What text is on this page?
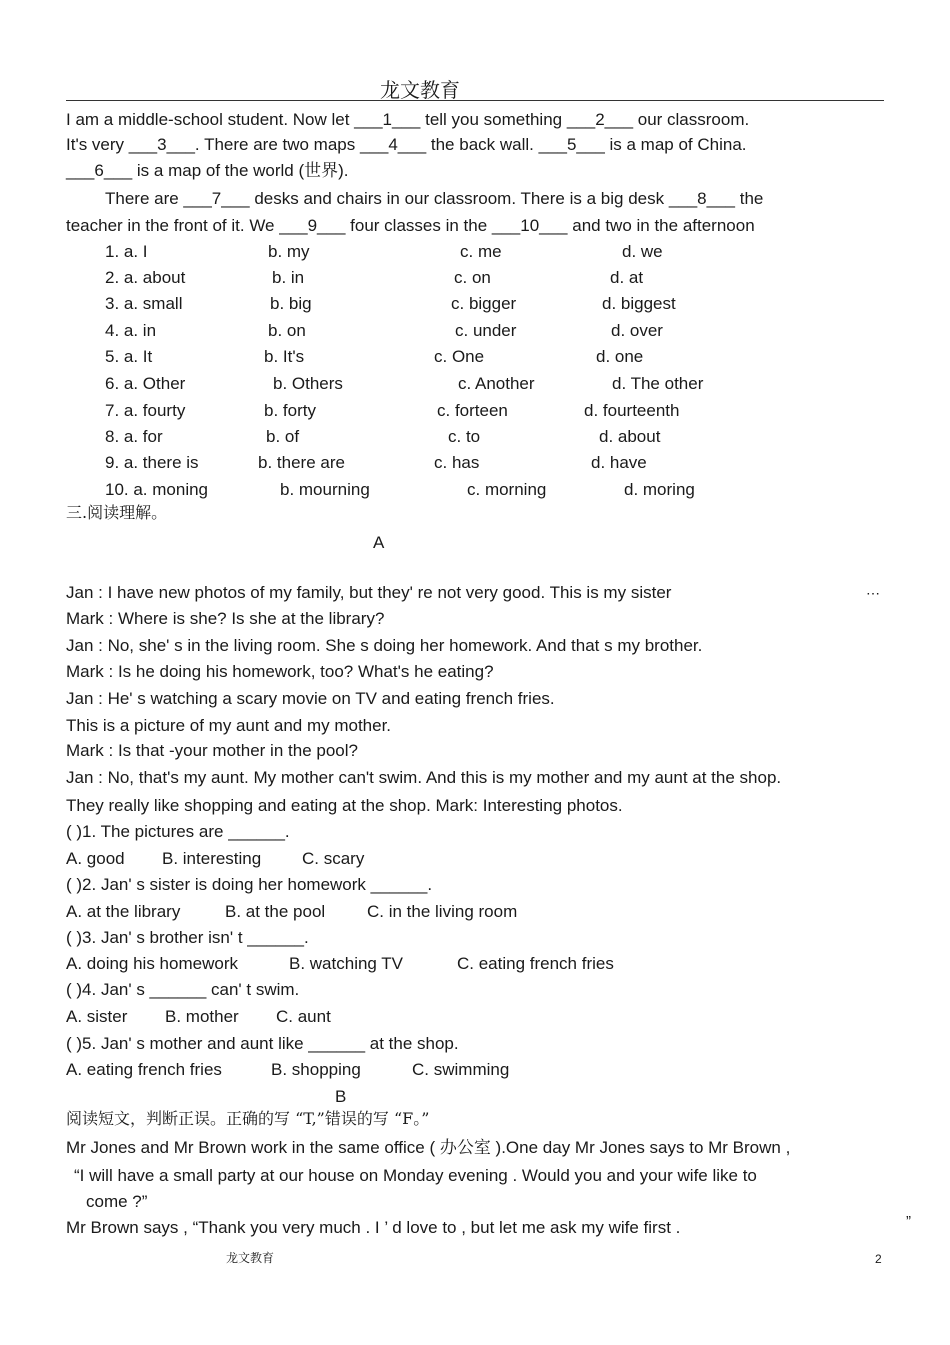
龙文教育
I am a middle-school student. Now let ___1___ tell you something ___2___ our classroom.
It's very ___3___. There are two maps ___4___ the back wall. ___5___ is a map of China.
___6___ is a map of the world (世界).
There are ___7___ desks and chairs in our classroom. There is a big desk ___8___ the
teacher in the front of it. We ___9___ four classes in the ___10___ and two in the afternoon
1. a. I	b. my	c. me	d. we
2. a. about	b. in	c. on	d. at
3. a. small	b. big	c. bigger	d. biggest
4. a. in	b. on	c. under	d. over
5. a. It	b. It's	c. One	d. one
6. a. Other	b. Others	c. Another	d. The other
7. a. fourty	b. forty	c. forteen	d. fourteenth
8. a. for	b. of	c. to	d. about
9. a. there is	b. there are	c. has	d. have
10. a. moning	b. mourning	c. morning	d. moring
三.阅读理解。
A
Jan : I have new photos of my family, but they' re not very good. This is my sister
Mark : Where is she? Is she at the library?
Jan : No, she' s in the living room. She s doing her homework. And that s my brother.
Mark : Is he doing his homework, too? What's he eating?
Jan : He' s watching a scary movie on TV and eating french fries.
This is a picture of my aunt and my mother.
Mark : Is that -your mother in the pool?
Jan : No, that's my aunt. My mother can't swim. And this is my mother and my aunt at the shop.
They really like shopping and eating at the shop. Mark: Interesting photos.
⋯
( )1. The pictures are ______.
A. good B. interesting C. scary
( )2. Jan' s sister is doing her homework ______.
A. at the library	B. at the pool C. in the living room
( )3. Jan' s brother isn' t ______.
A. doing his homework	B. watching TV	C. eating french fries
( )4. Jan' s ______ can' t swim.
A. sister B. mother C. aunt
( )5. Jan' s mother and aunt like ______ at the shop.
A. eating french fries	B. shopping	C. swimming
B
阅读短文，判断正误。正确的写 “T,”错误的写 “F。”
Mr Jones and Mr Brown work in the same office ( 办公室 ).One day Mr Jones says to Mr Brown ,
“I will have a small party at our house on Monday evening . Would you and your wife like to
come ?”
Mr Brown says , “Thank you very much . I ’ d love to , but let me ask my wife first .	”
龙文教育	2
